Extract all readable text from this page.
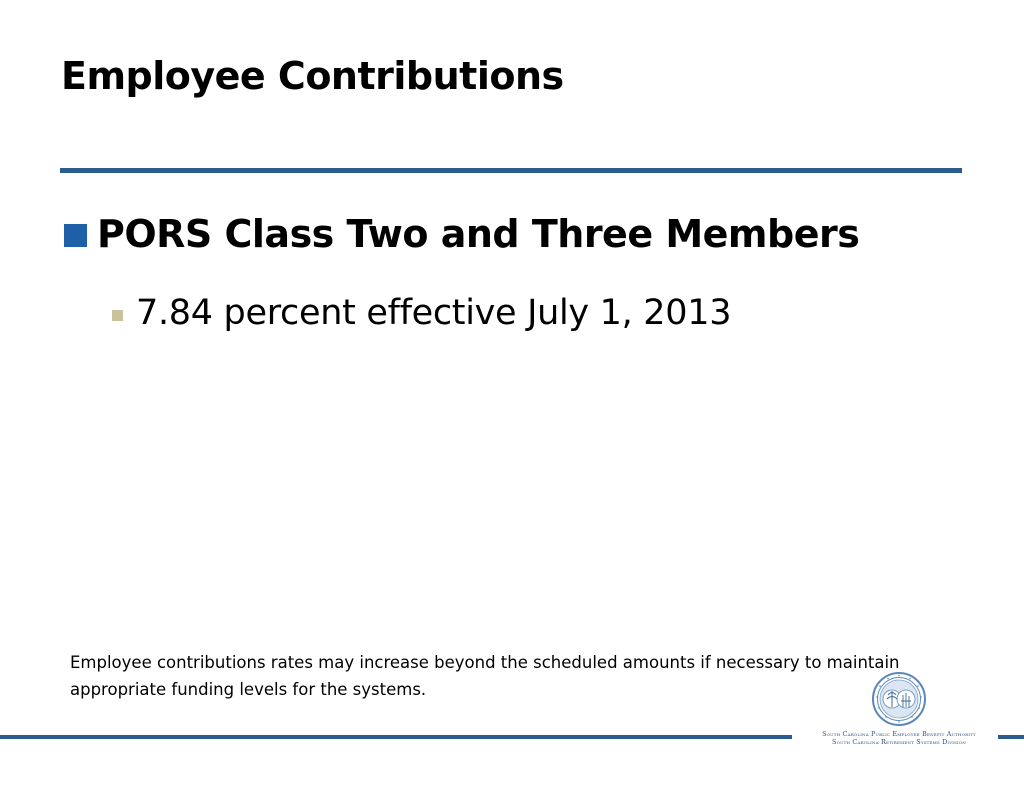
Employee Contributions
PORS Class Two and Three Members
7.84 percent effective July 1, 2013
Employee contributions rates may increase beyond the scheduled amounts if necessary to maintain appropriate funding levels for the systems.
South Carolina Public Employee Benefit Authority
South Carolina Retirement Systems Division
